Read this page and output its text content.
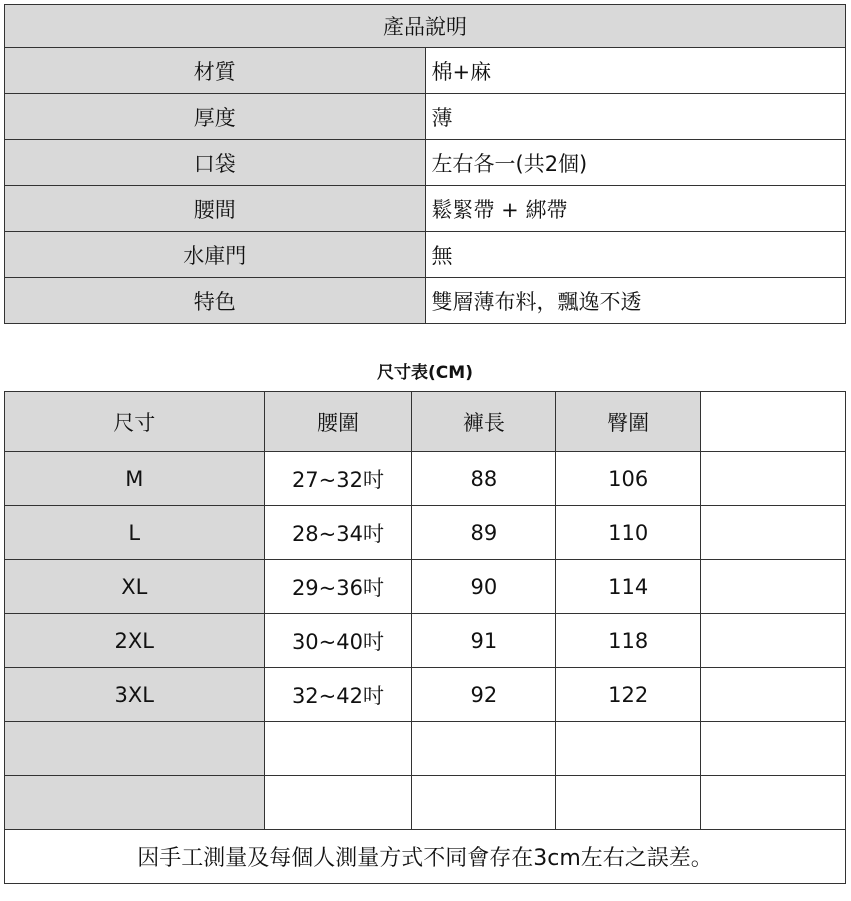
產品說明	
材質	棉+麻
厚度	薄
口袋	左右各一(共2個)
腰間	鬆緊帶 + 綁帶
水庫門	無
特色	雙層薄布料，飄逸不透
尺寸表(CM)
尺寸	腰圍	褲長	臀圍	
M	27~32吋	88	106	
L	28~34吋	89	110	
XL	29~36吋	90	114	
2XL	30~40吋	91	118	
3XL	32~42吋	92	122	

因手工測量及每個人測量方式不同會存在3cm左右之誤差。				
